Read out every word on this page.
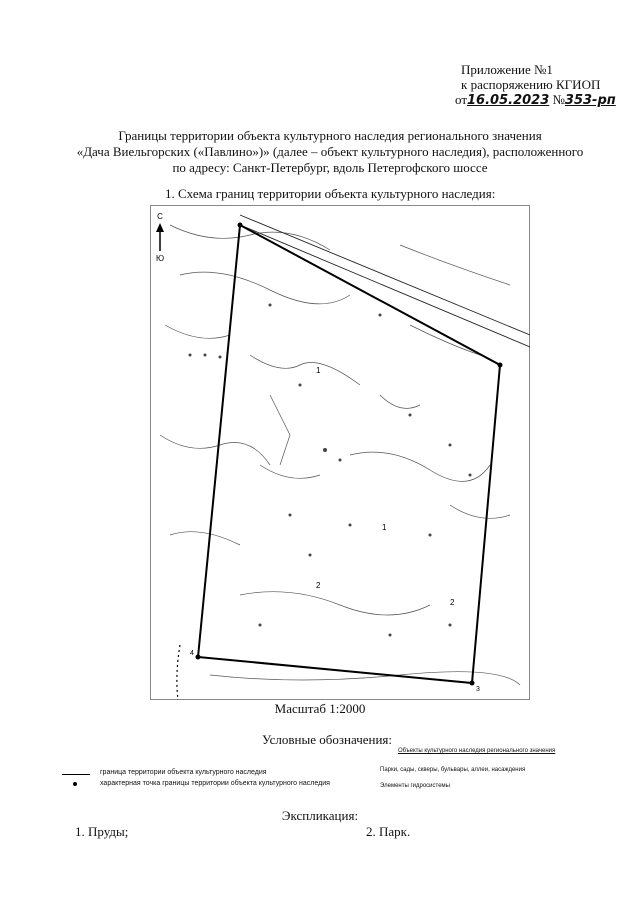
Приложение №1
к распоряжению КГИОП
от16.05.2023 №353-рп
Границы территории объекта культурного наследия регионального значения
«Дача Виельгорских («Павлино»)» (далее – объект культурного наследия), расположенного
по адресу: Санкт-Петербург, вдоль Петергофского шоссе
1. Схема границ территории объекта культурного наследия:
С
Ю
1
1
2
2
4
3
Масштаб 1:2000
Условные обозначения:
Объекты культурного наследия регионального значения
Парки, сады, скверы, бульвары, аллеи, насаждения
Элементы гидросистемы
граница территории объекта культурного наследия
характерная точка границы территории объекта культурного наследия
Экспликация:
1. Пруды;	2. Парк.
